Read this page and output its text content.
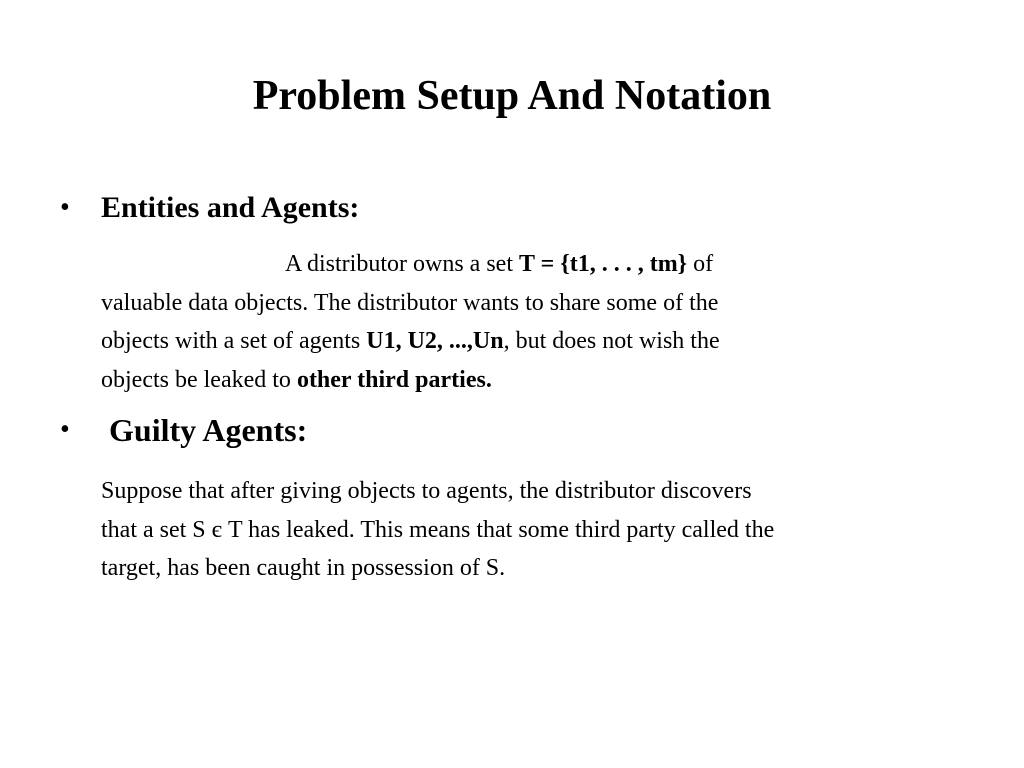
Problem Setup And Notation
• Entities and Agents:
A distributor owns a set T = {t1, . . . , tm} of
valuable data objects. The distributor wants to share some of the
objects with a set of agents U1, U2, ...,Un, but does not wish the
objects be leaked to other third parties.
• Guilty Agents:
Suppose that after giving objects to agents, the distributor discovers
that a set S є T has leaked. This means that some third party called the
target, has been caught in possession of S.
